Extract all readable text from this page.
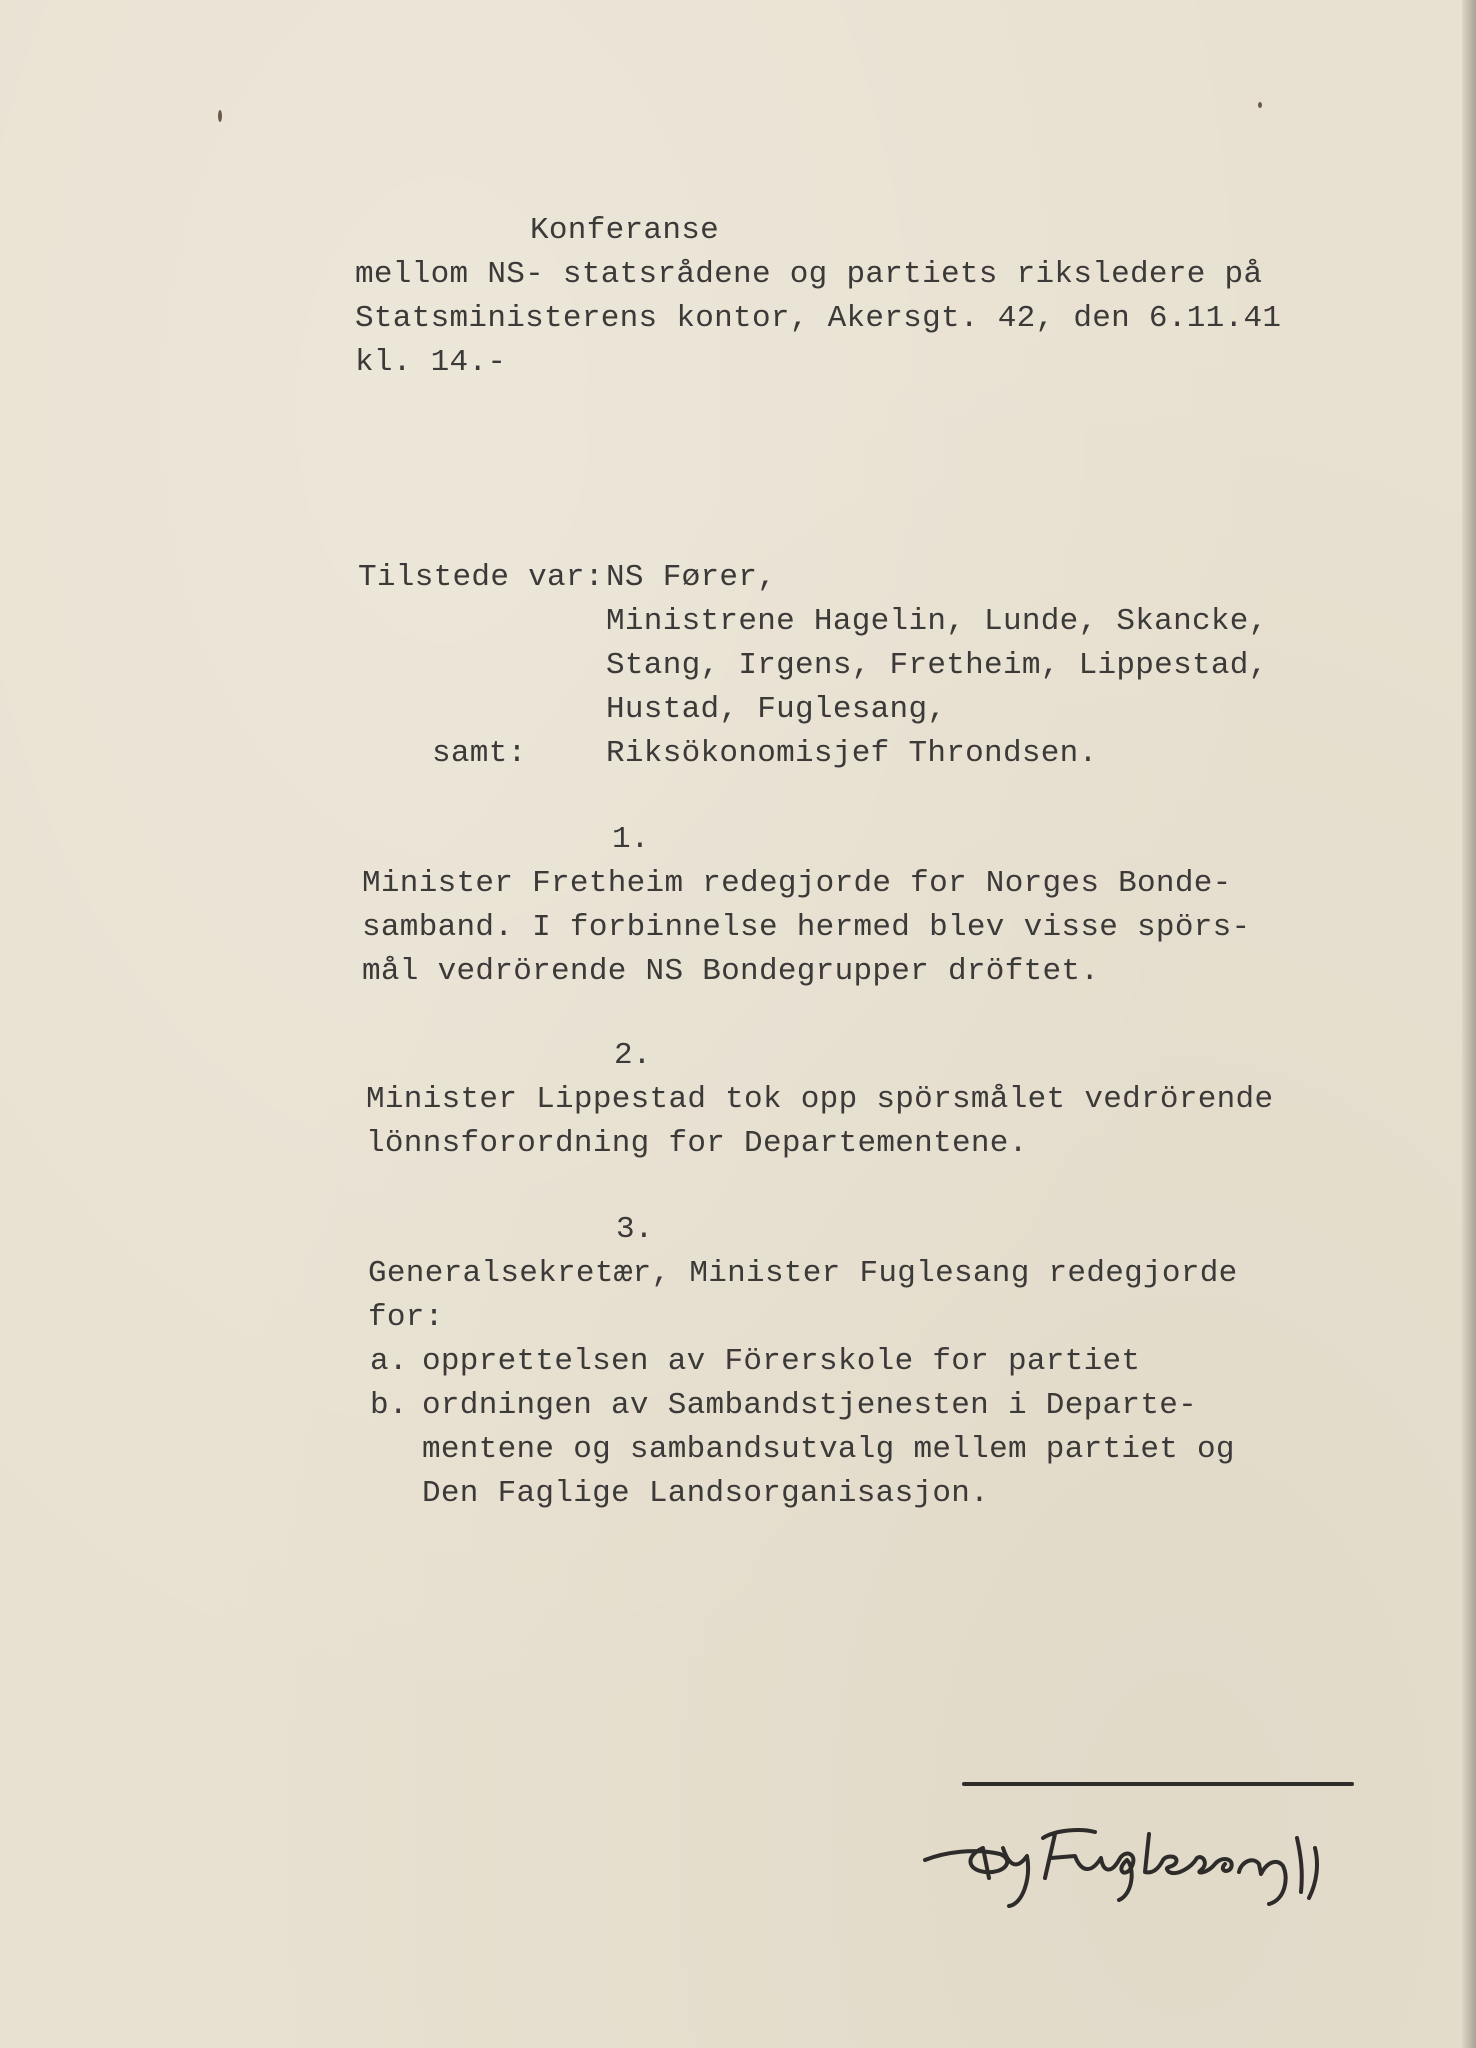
Konferanse
mellom NS- statsrådene og partiets riksledere på
Statsministerens kontor, Akersgt. 42, den 6.11.41
kl. 14.-
Tilstede var: NS Fører,
Ministrene Hagelin, Lunde, Skancke,
Stang, Irgens, Fretheim, Lippestad,
Hustad, Fuglesang,
samt:	Riksökonomisjef Throndsen.
1.
Minister Fretheim redegjorde for Norges Bonde-
samband. I forbinnelse hermed blev visse spörs-
mål vedrörende NS Bondegrupper dröftet.
2.
Minister Lippestad tok opp spörsmålet vedrörende
lönnsforordning for Departementene.
3.
Generalsekretær, Minister Fuglesang redegjorde
for:
a. opprettelsen av Förerskole for partiet
b. ordningen av Sambandstjenesten i Departe-
mentene og sambandsutvalg mellem partiet og
Den Faglige Landsorganisasjon.
